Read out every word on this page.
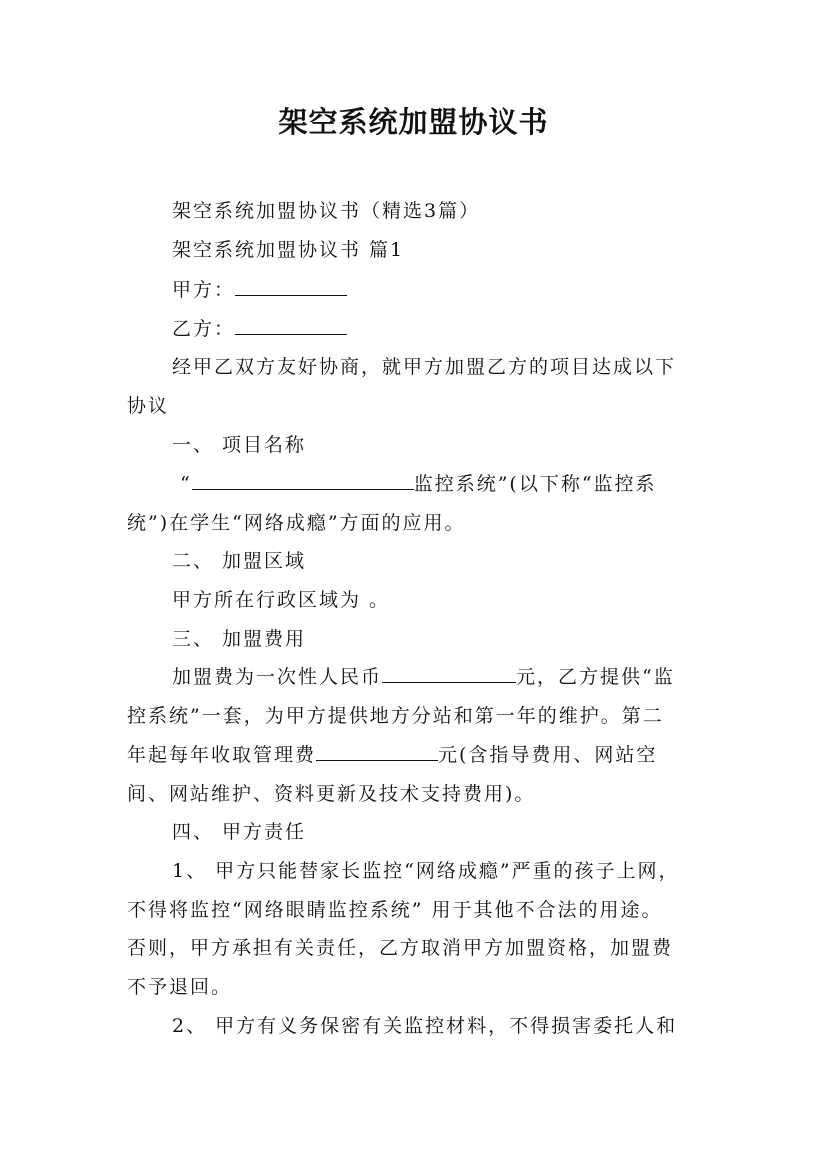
架空系统加盟协议书
架空系统加盟协议书（精选3篇）
架空系统加盟协议书 篇1
甲方：
乙方：
经甲乙双方友好协商，就甲方加盟乙方的项目达成以下
协议
一、 项目名称
“	监控系统”(以下称“监控系
统”)在学生“网络成瘾”方面的应用。
二、 加盟区域
甲方所在行政区域为 。
三、 加盟费用
加盟费为一次性人民币	元，乙方提供“监
控系统”一套，为甲方提供地方分站和第一年的维护。第二
年起每年收取管理费	元(含指导费用、网站空
间、网站维护、资料更新及技术支持费用)。
四、 甲方责任
1、 甲方只能替家长监控“网络成瘾”严重的孩子上网，
不得将监控“网络眼睛监控系统” 用于其他不合法的用途。
否则，甲方承担有关责任，乙方取消甲方加盟资格，加盟费
不予退回。
2、 甲方有义务保密有关监控材料，不得损害委托人和
